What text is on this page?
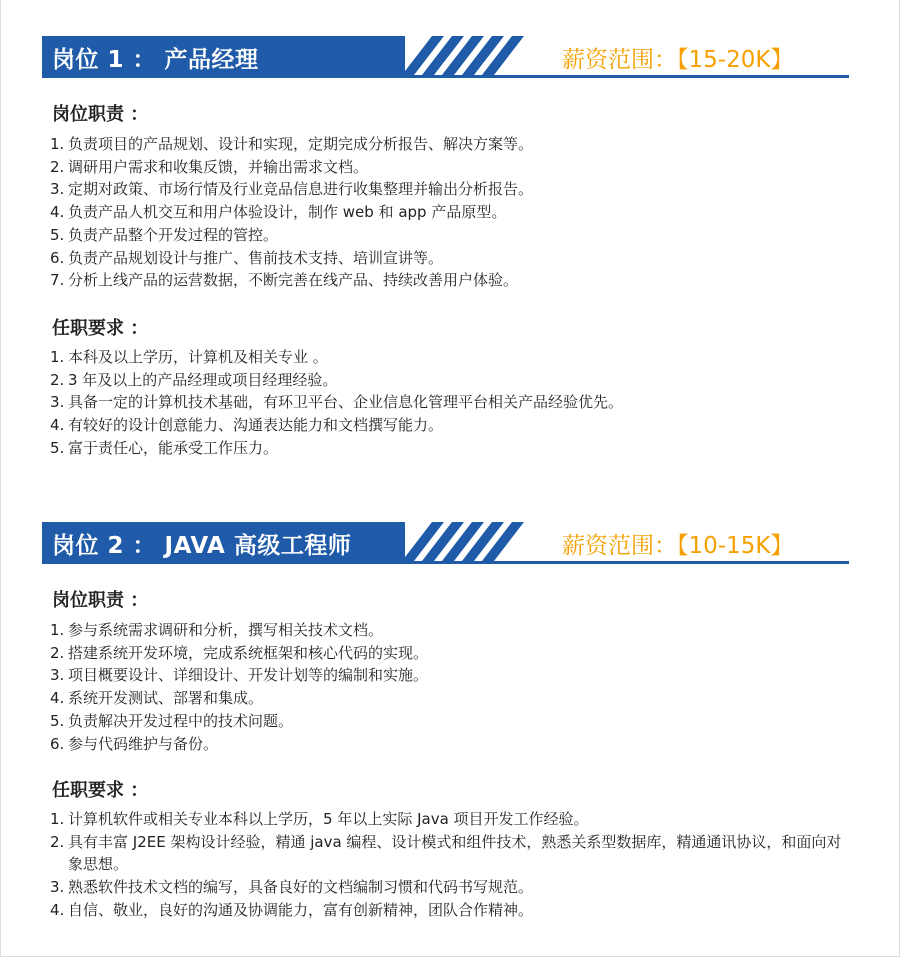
岗位 1 ： 产品经理	薪资范围：【15-20K】
岗位职责 ：
1. 负责项目的产品规划、设计和实现，定期完成分析报告、解决方案等。
2. 调研用户需求和收集反馈，并输出需求文档。
3. 定期对政策、市场行情及行业竞品信息进行收集整理并输出分析报告。
4. 负责产品人机交互和用户体验设计，制作 web 和 app 产品原型。
5. 负责产品整个开发过程的管控。
6. 负责产品规划设计与推广、售前技术支持、培训宣讲等。
7. 分析上线产品的运营数据，不断完善在线产品、持续改善用户体验。
任职要求 ：
1. 本科及以上学历，计算机及相关专业 。
2. 3 年及以上的产品经理或项目经理经验。
3. 具备一定的计算机技术基础，有环卫平台、企业信息化管理平台相关产品经验优先。
4. 有较好的设计创意能力、沟通表达能力和文档撰写能力。
5. 富于责任心，能承受工作压力。
岗位 2 ： JAVA 高级工程师	薪资范围：【10-15K】
岗位职责 ：
1. 参与系统需求调研和分析，撰写相关技术文档。
2. 搭建系统开发环境，完成系统框架和核心代码的实现。
3. 项目概要设计、详细设计、开发计划等的编制和实施。
4. 系统开发测试、部署和集成。
5. 负责解决开发过程中的技术问题。
6. 参与代码维护与备份。
任职要求 ：
1. 计算机软件或相关专业本科以上学历，5 年以上实际 Java 项目开发工作经验。
2. 具有丰富 J2EE 架构设计经验，精通 java 编程、设计模式和组件技术，熟悉关系型数据库，精通通讯协议，和面向对象思想。
3. 熟悉软件技术文档的编写，具备良好的文档编制习惯和代码书写规范。
4. 自信、敬业，良好的沟通及协调能力，富有创新精神，团队合作精神。
